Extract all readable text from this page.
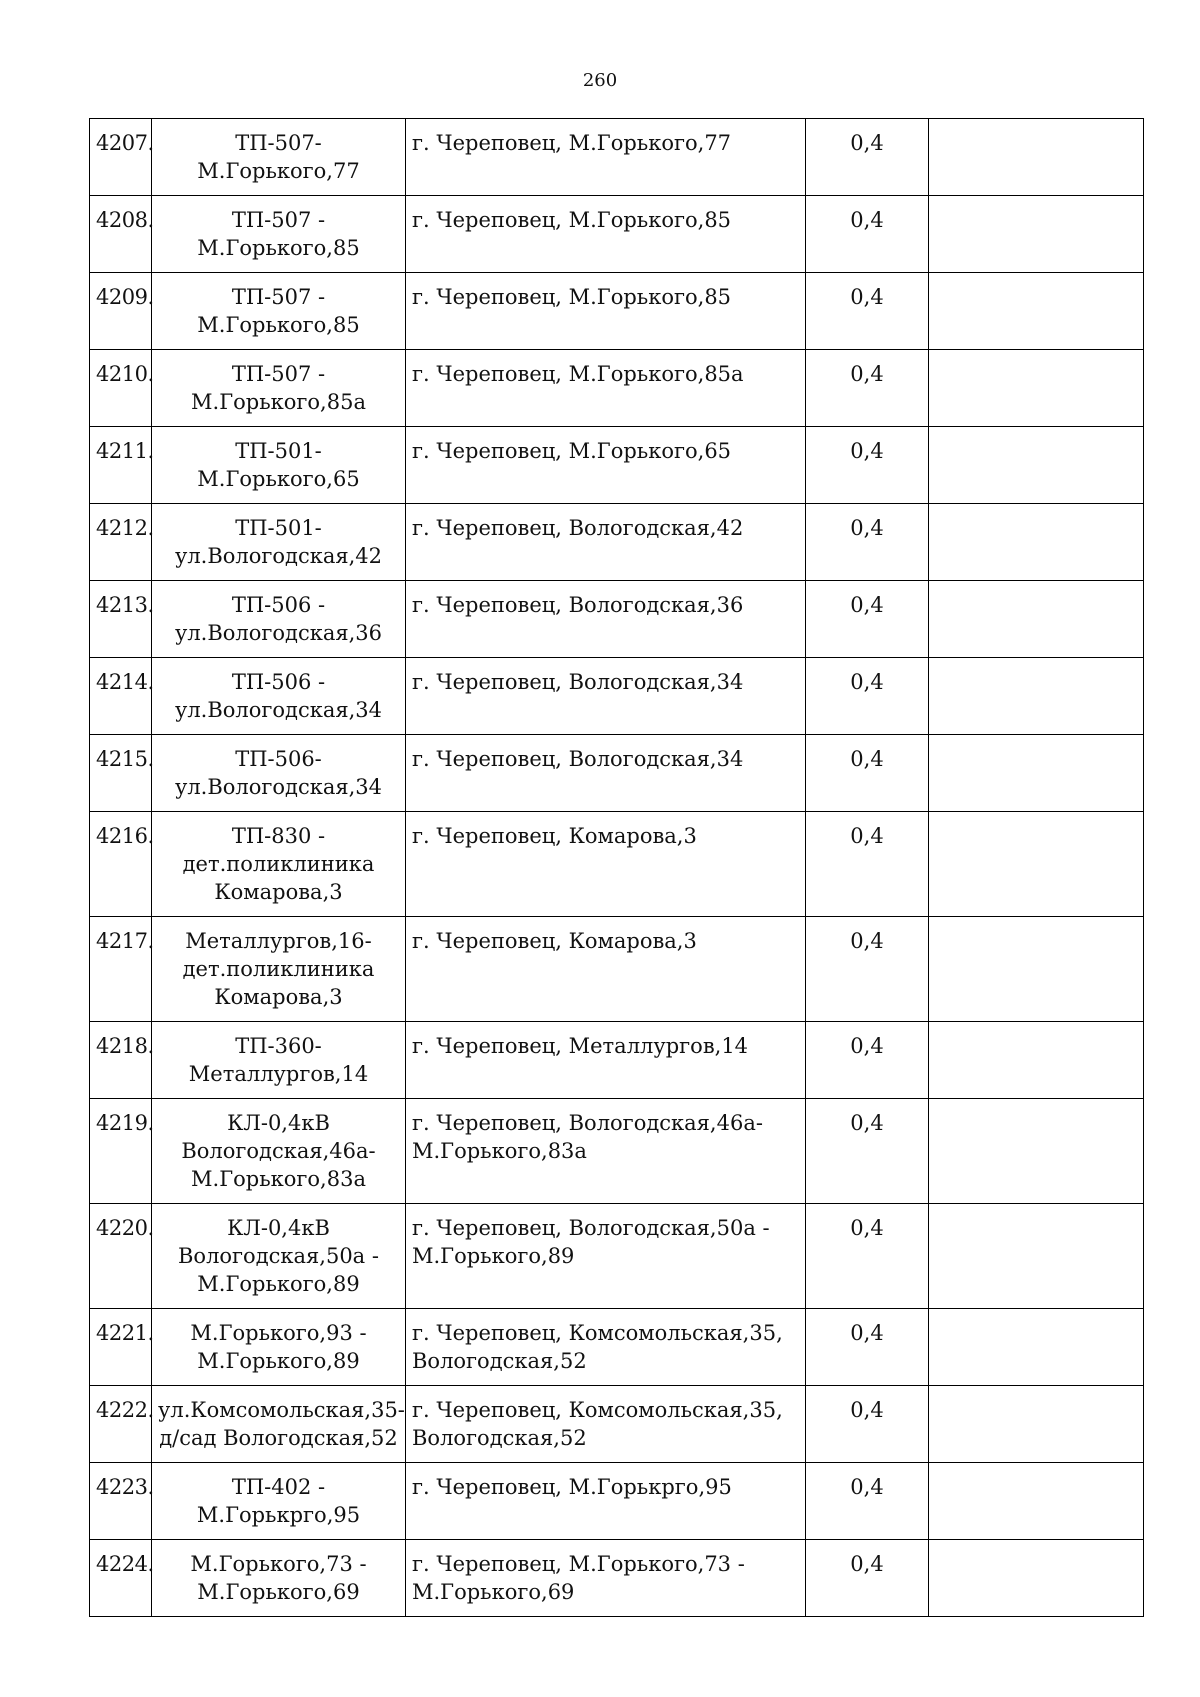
260
4207.	ТП-507-М.Горького,77	г. Череповец, М.Горького,77	0,4	
4208.	ТП-507 - М.Горького,85	г. Череповец, М.Горького,85	0,4	
4209.	ТП-507 - М.Горького,85	г. Череповец, М.Горького,85	0,4	
4210.	ТП-507 - М.Горького,85а	г. Череповец, М.Горького,85а	0,4	
4211.	ТП-501-М.Горького,65	г. Череповец, М.Горького,65	0,4	
4212.	ТП-501- ул.Вологодская,42	г. Череповец, Вологодская,42	0,4	
4213.	ТП-506 - ул.Вологодская,36	г. Череповец, Вологодская,36	0,4	
4214.	ТП-506 - ул.Вологодская,34	г. Череповец, Вологодская,34	0,4	
4215.	ТП-506- ул.Вологодская,34	г. Череповец, Вологодская,34	0,4	
4216.	ТП-830 - дет.поликлиника Комарова,3	г. Череповец, Комарова,3	0,4	
4217.	Металлургов,16- дет.поликлиника Комарова,3	г. Череповец, Комарова,3	0,4	
4218.	ТП-360- Металлургов,14	г. Череповец, Металлургов,14	0,4	
4219.	КЛ-0,4кВ Вологодская,46а- М.Горького,83а	г. Череповец, Вологодская,46а- М.Горького,83а	0,4	
4220.	КЛ-0,4кВ Вологодская,50а - М.Горького,89	г. Череповец, Вологодская,50а - М.Горького,89	0,4	
4221.	М.Горького,93 - М.Горького,89	г. Череповец, Комсомольская,35, Вологодская,52	0,4	
4222.	ул.Комсомольская,35- д/сад Вологодская,52	г. Череповец, Комсомольская,35, Вологодская,52	0,4	
4223.	ТП-402 - М.Горькрго,95	г. Череповец, М.Горькрго,95	0,4	
4224.	М.Горького,73 - М.Горького,69	г. Череповец, М.Горького,73 - М.Горького,69	0,4	
